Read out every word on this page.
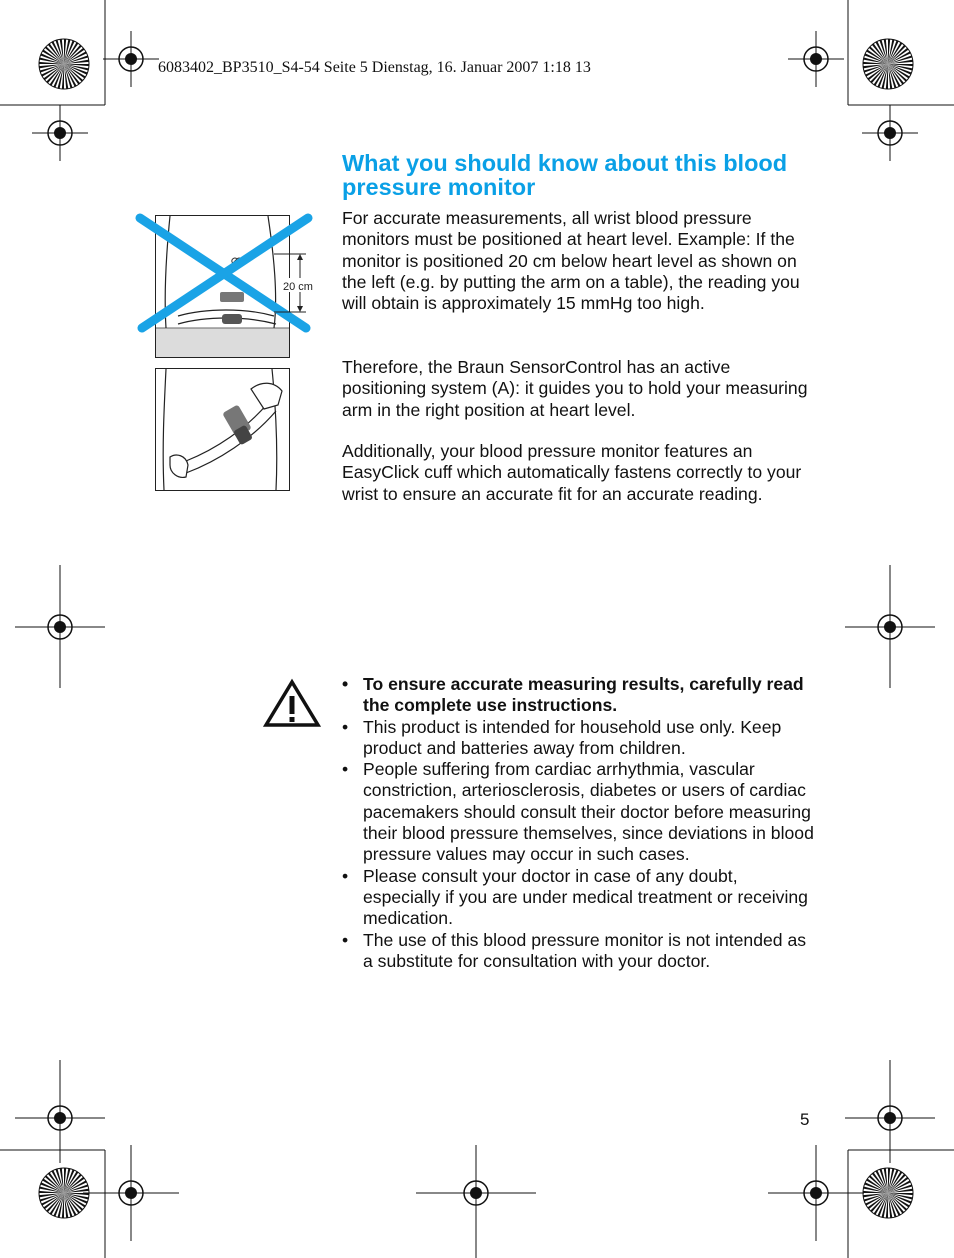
6083402_BP3510_S4-54 Seite 5 Dienstag, 16. Januar 2007 1:18 13
What you should know about this blood pressure monitor

For accurate measurements, all wrist blood pressure monitors must be positioned at heart level. Example: If the monitor is positioned 20 cm below heart level as shown on the left (e.g. by putting the arm on a table), the reading you will obtain is approximately 15 mmHg too high.

Therefore, the Braun SensorControl has an active positioning system (A): it guides you to hold your measuring arm in the right position at heart level.

Additionally, your blood pressure monitor features an EasyClick cuff which automatically fastens correctly to your wrist to ensure an accurate fit for an accurate reading.

20 cm
• To ensure accurate measuring results, carefully read the complete use instructions.
• This product is intended for household use only. Keep product and batteries away from children.
• People suffering from cardiac arrhythmia, vascular constriction, arteriosclerosis, diabetes or users of cardiac pacemakers should consult their doctor before measuring their blood pressure themselves, since deviations in blood pressure values may occur in such cases.
• Please consult your doctor in case of any doubt, especially if you are under medical treatment or receiving medication.
• The use of this blood pressure monitor is not intended as a substitute for consultation with your doctor.
5
